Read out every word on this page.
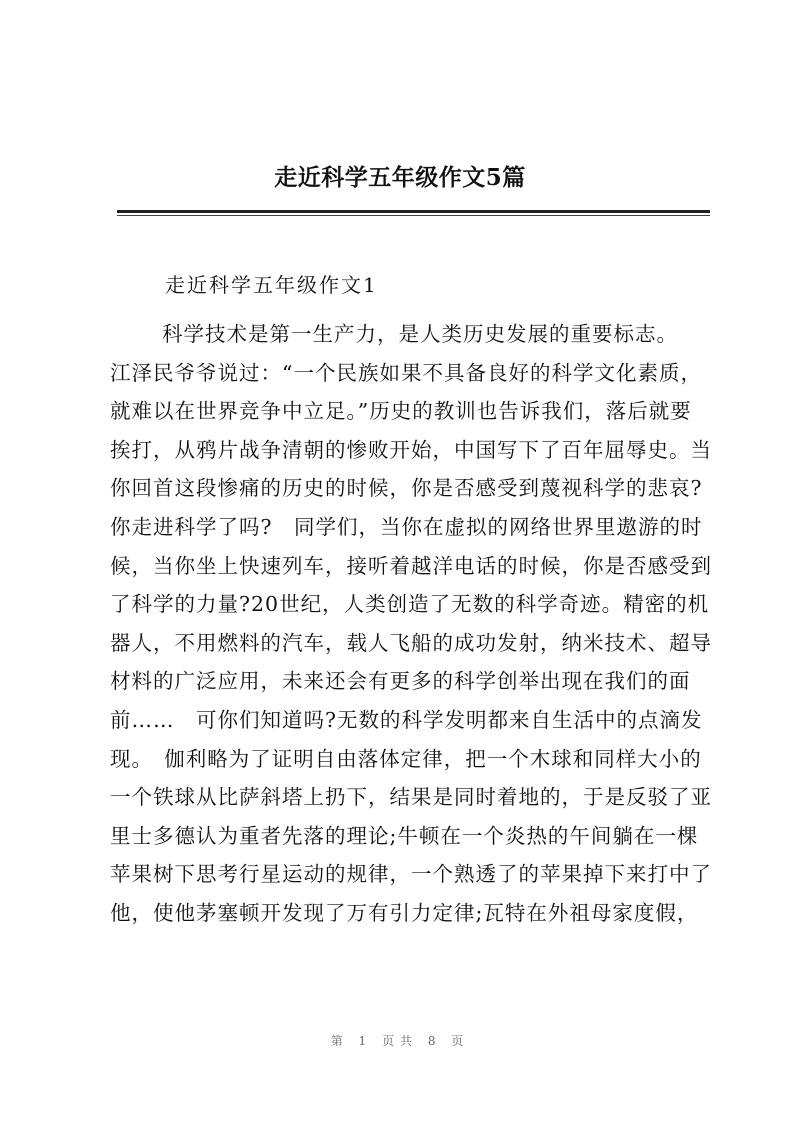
走近科学五年级作文5篇
走近科学五年级作文1
科学技术是第一生产力，是人类历史发展的重要标志。
江泽民爷爷说过：“一个民族如果不具备良好的科学文化素质，
就难以在世界竞争中立足。”历史的教训也告诉我们，落后就要
挨打，从鸦片战争清朝的惨败开始，中国写下了百年屈辱史。当
你回首这段惨痛的历史的时候，你是否感受到蔑视科学的悲哀?
你走进科学了吗?　同学们，当你在虚拟的网络世界里遨游的时
候，当你坐上快速列车，接听着越洋电话的时候，你是否感受到
了科学的力量?20世纪，人类创造了无数的科学奇迹。精密的机
器人，不用燃料的汽车，载人飞船的成功发射，纳米技术、超导
材料的广泛应用，未来还会有更多的科学创举出现在我们的面
前……　可你们知道吗?无数的科学发明都来自生活中的点滴发
现。　伽利略为了证明自由落体定律，把一个木球和同样大小的
一个铁球从比萨斜塔上扔下，结果是同时着地的，于是反驳了亚
里士多德认为重者先落的理论;牛顿在一个炎热的午间躺在一棵
苹果树下思考行星运动的规律，一个熟透了的苹果掉下来打中了
他，使他茅塞顿开发现了万有引力定律;瓦特在外祖母家度假，
第 1 页共 8 页
